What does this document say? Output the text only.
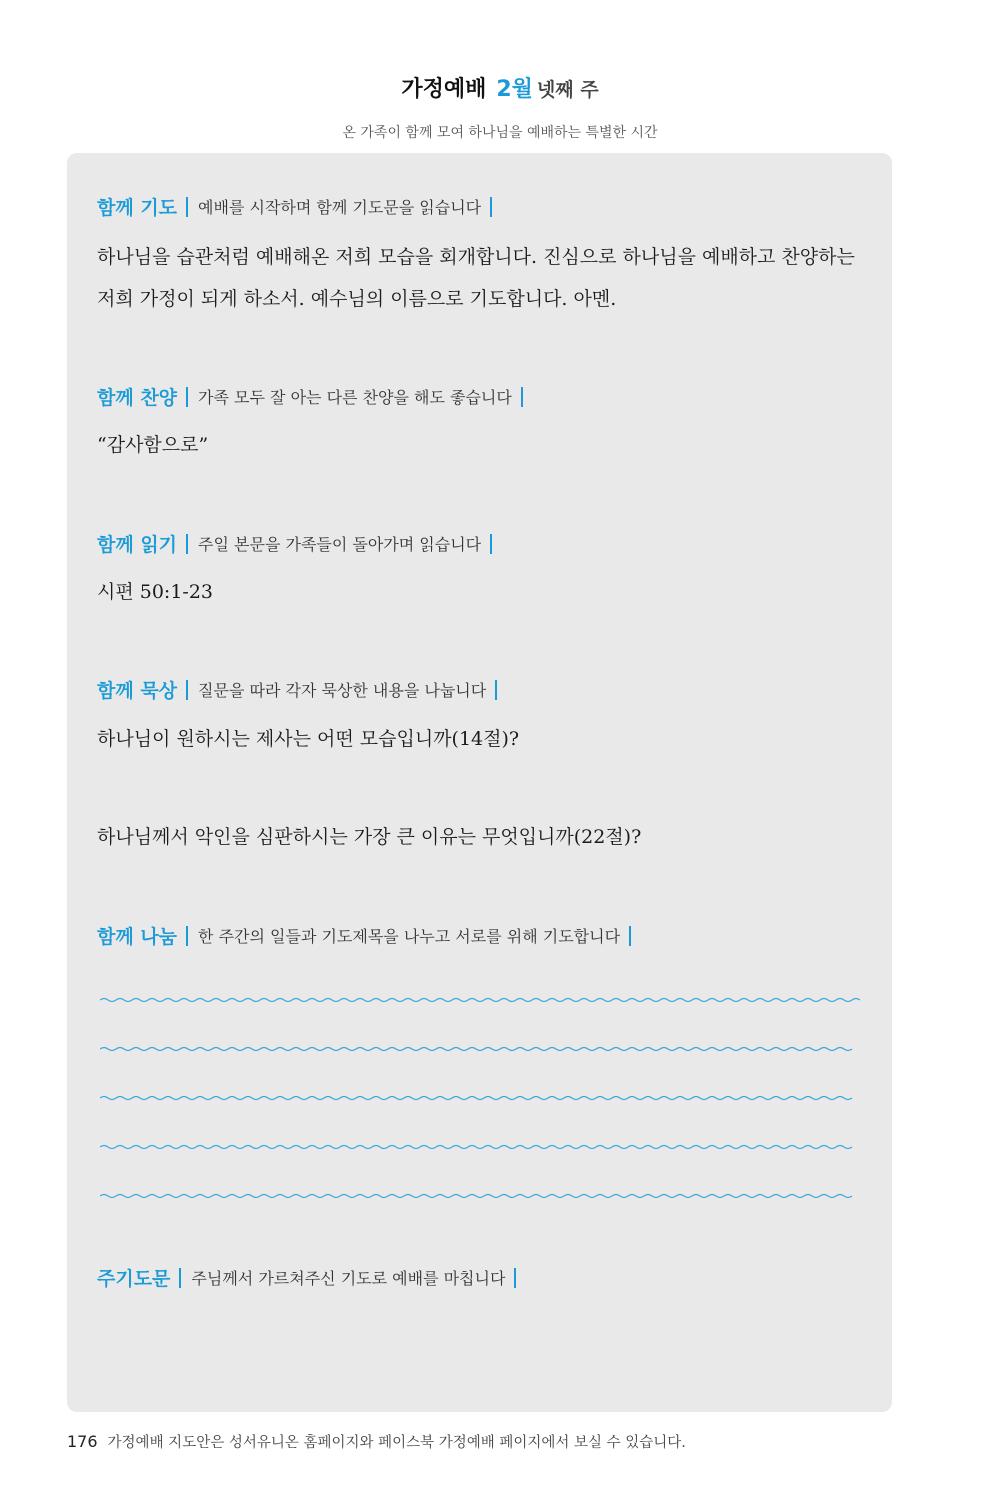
가정예배 2월 넷째 주
온 가족이 함께 모여 하나님을 예배하는 특별한 시간
함께 기도 예배를 시작하며 함께 기도문을 읽습니다
하나님을 습관처럼 예배해온 저희 모습을 회개합니다. 진심으로 하나님을 예배하고 찬양하는 저희 가정이 되게 하소서. 예수님의 이름으로 기도합니다. 아멘.
함께 찬양 가족 모두 잘 아는 다른 찬양을 해도 좋습니다
“감사함으로”
함께 읽기 주일 본문을 가족들이 돌아가며 읽습니다
시편 50:1-23
함께 묵상 질문을 따라 각자 묵상한 내용을 나눕니다
하나님이 원하시는 제사는 어떤 모습입니까(14절)?
하나님께서 악인을 심판하시는 가장 큰 이유는 무엇입니까(22절)?
함께 나눔 한 주간의 일들과 기도제목을 나누고 서로를 위해 기도합니다
주기도문 주님께서 가르쳐주신 기도로 예배를 마칩니다
176 가정예배 지도안은 성서유니온 홈페이지와 페이스북 가정예배 페이지에서 보실 수 있습니다.
